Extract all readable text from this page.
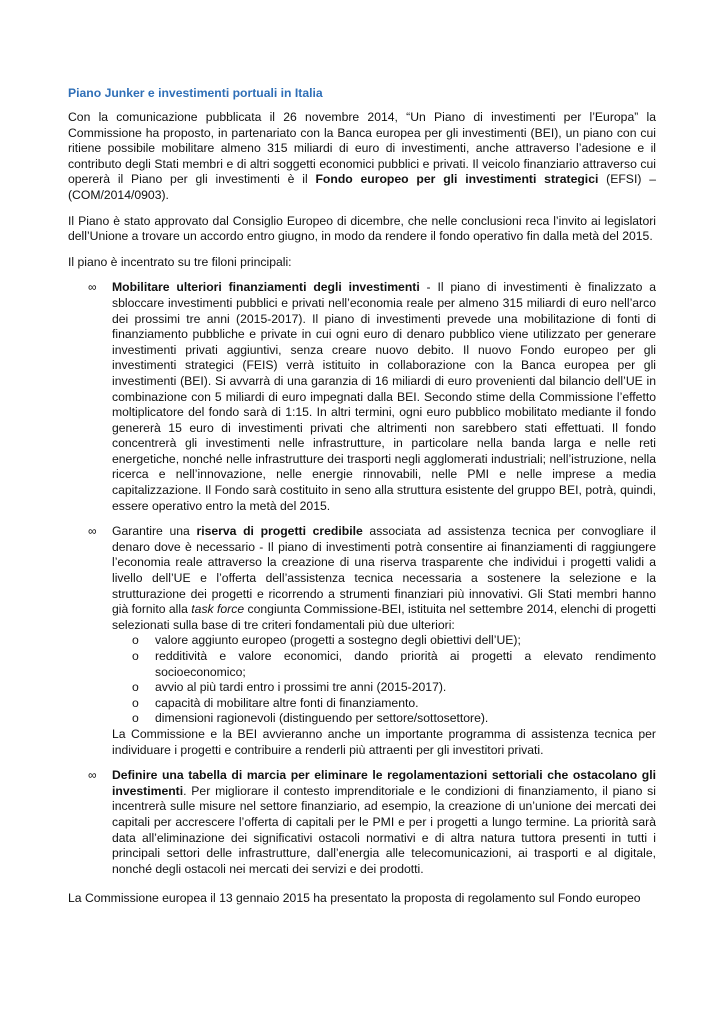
Piano Junker e investimenti portuali in Italia

Con la comunicazione pubblicata il 26 novembre 2014, “Un Piano di investimenti per l’Europa” la Commissione ha proposto, in partenariato con la Banca europea per gli investimenti (BEI), un piano con cui ritiene possibile mobilitare almeno 315 miliardi di euro di investimenti, anche attraverso l’adesione e il contributo degli Stati membri e di altri soggetti economici pubblici e privati. Il veicolo finanziario attraverso cui opererà il Piano per gli investimenti è il Fondo europeo per gli investimenti strategici (EFSI) – (COM/2014/0903).

Il Piano è stato approvato dal Consiglio Europeo di dicembre, che nelle conclusioni reca l’invito ai legislatori dell’Unione a trovare un accordo entro giugno, in modo da rendere il fondo operativo fin dalla metà del 2015.

Il piano è incentrato su tre filoni principali:

∞ Mobilitare ulteriori finanziamenti degli investimenti - Il piano di investimenti è finalizzato a sbloccare investimenti pubblici e privati nell’economia reale per almeno 315 miliardi di euro nell’arco dei prossimi tre anni (2015-2017). Il piano di investimenti prevede una mobilitazione di fonti di finanziamento pubbliche e private in cui ogni euro di denaro pubblico viene utilizzato per generare investimenti privati aggiuntivi, senza creare nuovo debito. Il nuovo Fondo europeo per gli investimenti strategici (FEIS) verrà istituito in collaborazione con la Banca europea per gli investimenti (BEI). Si avvarrà di una garanzia di 16 miliardi di euro provenienti dal bilancio dell’UE in combinazione con 5 miliardi di euro impegnati dalla BEI. Secondo stime della Commissione l’effetto moltiplicatore del fondo sarà di 1:15. In altri termini, ogni euro pubblico mobilitato mediante il fondo genererà 15 euro di investimenti privati che altrimenti non sarebbero stati effettuati. Il fondo concentrerà gli investimenti nelle infrastrutture, in particolare nella banda larga e nelle reti energetiche, nonché nelle infrastrutture dei trasporti negli agglomerati industriali; nell’istruzione, nella ricerca e nell’innovazione, nelle energie rinnovabili, nelle PMI e nelle imprese a media capitalizzazione. Il Fondo sarà costituito in seno alla struttura esistente del gruppo BEI, potrà, quindi, essere operativo entro la metà del 2015.
∞ Garantire una riserva di progetti credibile associata ad assistenza tecnica per convogliare il denaro dove è necessario - Il piano di investimenti potrà consentire ai finanziamenti di raggiungere l’economia reale attraverso la creazione di una riserva trasparente che individui i progetti validi a livello dell’UE e l’offerta dell’assistenza tecnica necessaria a sostenere la selezione e la strutturazione dei progetti e ricorrendo a strumenti finanziari più innovativi. Gli Stati membri hanno già fornito alla task force congiunta Commissione-BEI, istituita nel settembre 2014, elenchi di progetti selezionati sulla base di tre criteri fondamentali più due ulteriori:
o valore aggiunto europeo (progetti a sostegno degli obiettivi dell’UE);
o redditività e valore economici, dando priorità ai progetti a elevato rendimento socioeconomico;
o avvio al più tardi entro i prossimi tre anni (2015-2017).
o capacità di mobilitare altre fonti di finanziamento.
o dimensioni ragionevoli (distinguendo per settore/sottosettore).
La Commissione e la BEI avvieranno anche un importante programma di assistenza tecnica per individuare i progetti e contribuire a renderli più attraenti per gli investitori privati.
∞ Definire una tabella di marcia per eliminare le regolamentazioni settoriali che ostacolano gli investimenti. Per migliorare il contesto imprenditoriale e le condizioni di finanziamento, il piano si incentrerà sulle misure nel settore finanziario, ad esempio, la creazione di un’unione dei mercati dei capitali per accrescere l’offerta di capitali per le PMI e per i progetti a lungo termine. La priorità sarà data all’eliminazione dei significativi ostacoli normativi e di altra natura tuttora presenti in tutti i principali settori delle infrastrutture, dall’energia alle telecomunicazioni, ai trasporti e al digitale, nonché degli ostacoli nei mercati dei servizi e dei prodotti.

La Commissione europea il 13 gennaio 2015 ha presentato la proposta di regolamento sul Fondo europeo
